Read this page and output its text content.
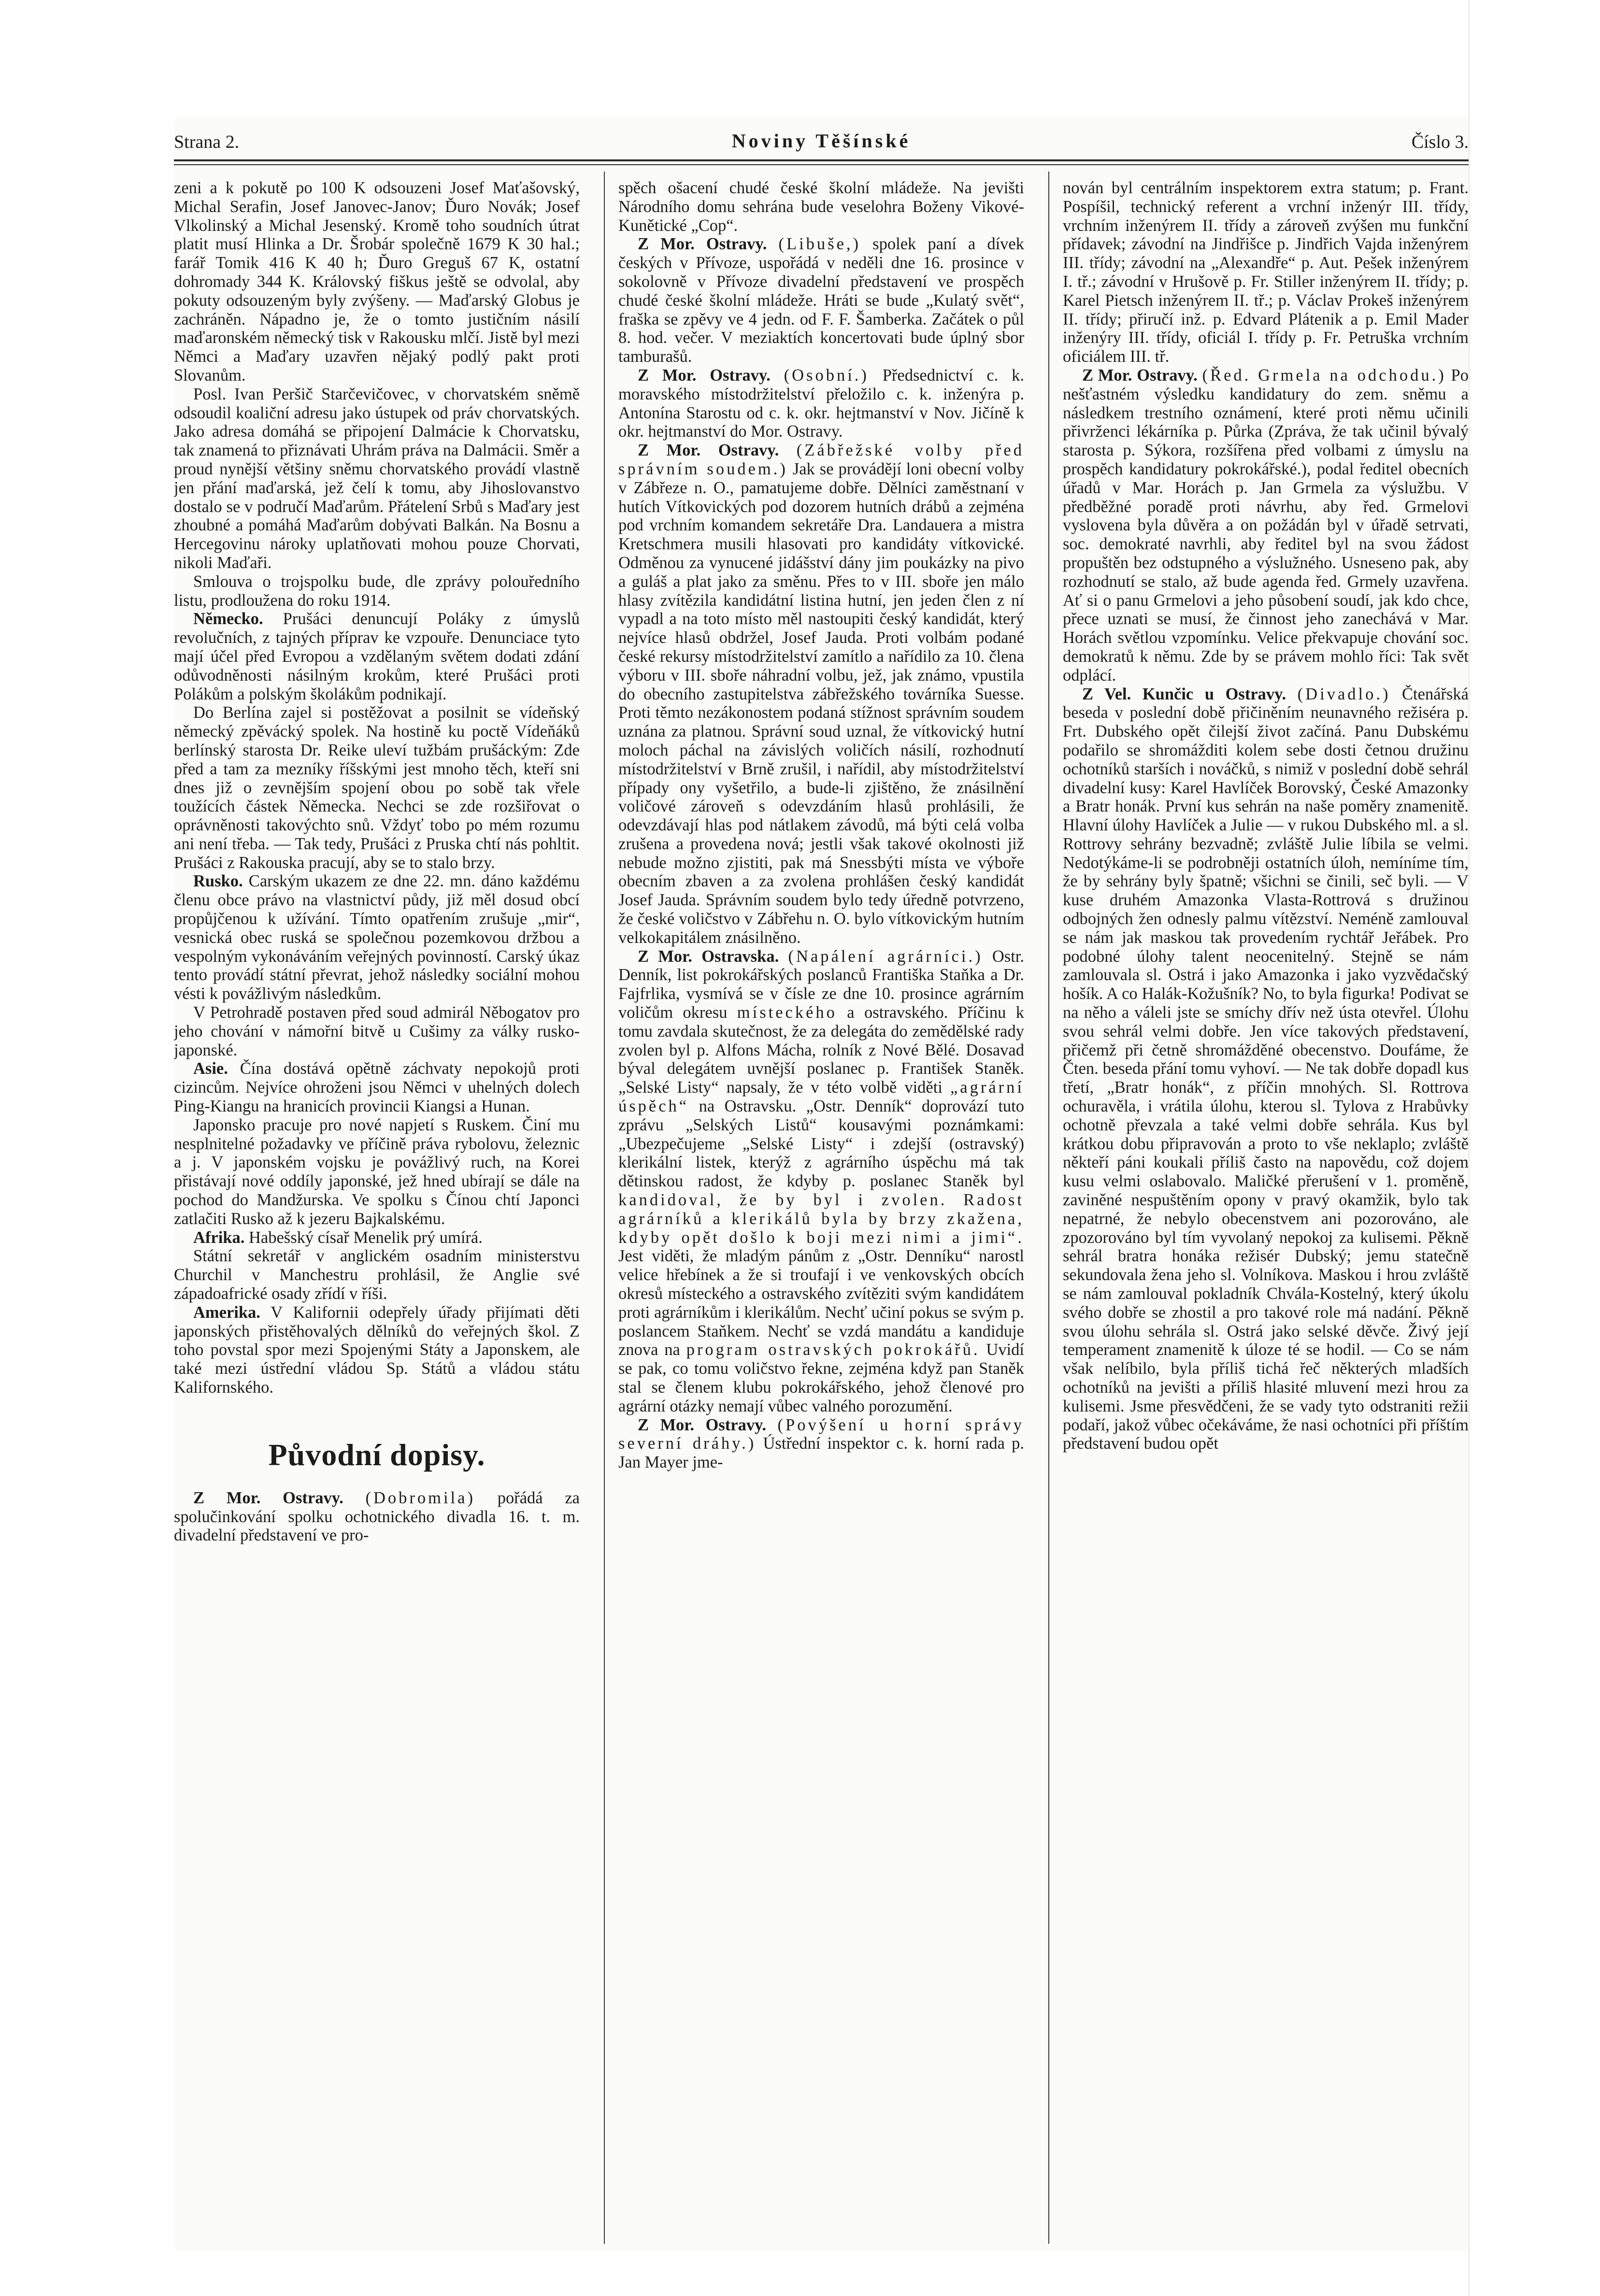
Strana 2.	Noviny Těšínské	Číslo 3.

zeni a k pokutě po 100 K odsouzeni Josef Maťašovský, Michal Serafin, Josef Janovec-Janov; Ďuro Novák; Josef Vlkolinský a Michal Jesenský. Kromě toho soudních útrat platit musí Hlinka a Dr. Šrobár společně 1679 K 30 hal.; farář Tomik 416 K 40 h; Ďuro Greguš 67 K, ostatní dohromady 344 K. Královský fiškus ještě se odvolal, aby pokuty odsouzeným byly zvýšeny. — Maďarský Globus je zachráněn. Nápadno je, že o tomto justičním násilí maďaronském německý tisk v Rakousku mlčí. Jistě byl mezi Němci a Maďary uzavřen nějaký podlý pakt proti Slovanům.

Posl. Ivan Peršič Starčevičovec, v chorvatském sněmě odsoudil koaliční adresu jako ústupek od práv chorvatských. Jako adresa domáhá se připojení Dalmácie k Chorvatsku, tak znamená to přiznávati Uhrám práva na Dalmácii. Směr a proud nynější většiny sněmu chorvatského provádí vlastně jen přání maďarská, jež čelí k tomu, aby Jihoslovanstvo dostalo se v područí Maďarům. Přátelení Srbů s Maďary jest zhoubné a pomáhá Maďarům dobývati Balkán. Na Bosnu a Hercegovinu nároky uplatňovati mohou pouze Chorvati, nikoli Maďaři.

Smlouva o trojspolku bude, dle zprávy polouředního listu, prodloužena do roku 1914.

Německo. Prušáci denuncují Poláky z úmyslů revolučních, z tajných příprav ke vzpouře. Denunciace tyto mají účel před Evropou a vzdělaným světem dodati zdání odůvodněnosti násilným krokům, které Prušáci proti Polákům a polským školákům podnikají.

Do Berlína zajel si postěžovat a posilnit se vídeňský německý zpěvácký spolek. Na hostině ku poctě Vídeňáků berlínský starosta Dr. Reike uleví tužbám prušáckým: Zde před a tam za mezníky říšskými jest mnoho těch, kteří sni dnes již o zevnějším spojení obou po sobě tak vřele toužících částek Německa. Nechci se zde rozšiřovat o oprávněnosti takovýchto snů. Vždyť tobo po mém rozumu ani není třeba. — Tak tedy, Prušáci z Pruska chtí nás pohltit. Prušáci z Rakouska pracují, aby se to stalo brzy.

Rusko. Carským ukazem ze dne 22. mn. dáno každému členu obce právo na vlastnictví půdy, již měl dosud obcí propůjčenou k užívání. Tímto opatřením zrušuje „mir“, vesnická obec ruská se společnou pozemkovou držbou a vespolným vykonáváním veřejných povinností. Carský úkaz tento provádí státní převrat, jehož následky sociální mohou vésti k povážlivým následkům.

V Petrohradě postaven před soud admirál Něbogatov pro jeho chování v námořní bitvě u Cušimy za války rusko-japonské.

Asie. Čína dostává opětně záchvaty nepokojů proti cizincům. Nejvíce ohroženi jsou Němci v uhelných dolech Ping-Kiangu na hranicích provincii Kiangsi a Hunan.

Japonsko pracuje pro nové napjetí s Ruskem. Činí mu nesplnitelné požadavky ve příčině práva rybolovu, železnic a j. V japonském vojsku je povážlivý ruch, na Korei přistávají nové oddíly japonské, jež hned ubírají se dále na pochod do Mandžurska. Ve spolku s Čínou chtí Japonci zatlačiti Rusko až k jezeru Bajkalskému.

Afrika. Habešský císař Menelik prý umírá.

Státní sekretář v anglickém osadním ministerstvu Churchil v Manchestru prohlásil, že Anglie své západoafrické osady zřídí v říši.

Amerika. V Kalifornii odepřely úřady přijímati děti japonských přistěhovalých dělníků do veřejných škol. Z toho povstal spor mezi Spojenými Státy a Japonskem, ale také mezi ústřední vládou Sp. Států a vládou státu Kalifornského.

Původní dopisy.

Z Mor. Ostravy. (Dobromila) pořádá za spolučinkování spolku ochotnického divadla 16. t. m. divadelní představení ve pro-

spěch ošacení chudé české školní mládeže. Na jevišti Národního domu sehrána bude veselohra Boženy Vikové-Kunětické „Cop“.

Z Mor. Ostravy. (Libuše,) spolek paní a dívek českých v Přívoze, uspořádá v neděli dne 16. prosince v sokolovně v Přívoze divadelní představení ve prospěch chudé české školní mládeže. Hráti se bude „Kulatý svět“, fraška se zpěvy ve 4 jedn. od F. F. Šamberka. Začátek o půl 8. hod. večer. V meziaktích koncertovati bude úplný sbor tamburašů.

Z Mor. Ostravy. (Osobní.) Předsednictví c. k. moravského místodržitelství přeložilo c. k. inženýra p. Antonína Starostu od c. k. okr. hejtmanství v Nov. Jičíně k okr. hejtmanství do Mor. Ostravy.

Z Mor. Ostravy. (Zábřežské volby před správním soudem.) Jak se provádějí loni obecní volby v Zábřeze n. O., pamatujeme dobře. Dělníci zaměstnaní v hutích Vítkovických pod dozorem hutních drábů a zejména pod vrchním komandem sekretáře Dra. Landauera a mistra Kretschmera musili hlasovati pro kandidáty vítkovické. Odměnou za vynucené jidášství dány jim poukázky na pivo a guláš a plat jako za směnu. Přes to v III. sboře jen málo hlasy zvítězila kandidátní listina hutní, jen jeden člen z ní vypadl a na toto místo měl nastoupiti český kandidát, který nejvíce hlasů obdržel, Josef Jauda. Proti volbám podané české rekursy místodržitelství zamítlo a nařídilo za 10. člena výboru v III. sboře náhradní volbu, jež, jak známo, vpustila do obecního zastupitelstva zábřežského továrníka Suesse. Proti těmto nezákonostem podaná stížnost správním soudem uznána za platnou. Správní soud uznal, že vítkovický hutní moloch páchal na závislých voličích násilí, rozhodnutí místodržitelství v Brně zrušil, i nařídil, aby místodržitelství případy ony vyšetřilo, a bude-li zjištěno, že znásilnění voličové zároveň s odevzdáním hlasů prohlásili, že odevzdávají hlas pod nátlakem závodů, má býti celá volba zrušena a provedena nová; jestli však takové okolnosti již nebude možno zjistiti, pak má Snessbýti místa ve výboře obecním zbaven a za zvolena prohlášen český kandidát Josef Jauda. Správním soudem bylo tedy úředně potvrzeno, že české voličstvo v Zábřehu n. O. bylo vítkovickým hutním velkokapitálem znásilněno.

Z Mor. Ostravska. (Napálení agrárníci.) Ostr. Denník, list pokrokářských poslanců Františka Staňka a Dr. Fajfrlika, vysmívá se v čísle ze dne 10. prosince agrárním voličům okresu místeckého a ostravského. Příčinu k tomu zavdala skutečnost, že za delegáta do zemědělské rady zvolen byl p. Alfons Mácha, rolník z Nové Bělé. Dosavad býval delegátem uvnější poslanec p. František Staněk. „Selské Listy“ napsaly, že v této volbě viděti „agrární úspěch“ na Ostravsku. „Ostr. Denník“ doprovází tuto zprávu „Selských Listů“ kousavými poznámkami: „Ubezpečujeme „Selské Listy“ i zdejší (ostravský) klerikální listek, kterýž z agrárního úspěchu má tak dětinskou radost, že kdyby p. poslanec Staněk byl kandidoval, že by byl i zvolen. Radost agrárníků a klerikálů byla by brzy zkažena, kdyby opět došlo k boji mezi nimi a jimi“. Jest viděti, že mladým pánům z „Ostr. Denníku“ narostl velice hřebínek a že si troufají i ve venkovských obcích okresů místeckého a ostravského zvítěziti svým kandidátem proti agrárníkům i klerikálům. Nechť učiní pokus se svým p. poslancem Staňkem. Nechť se vzdá mandátu a kandiduje znova na program ostravských pokrokářů. Uvidí se pak, co tomu voličstvo řekne, zejména když pan Staněk stal se členem klubu pokrokářského, jehož členové pro agrární otázky nemají vůbec valného porozumění.

Z Mor. Ostravy. (Povýšení u horní správy severní dráhy.) Ústřední inspektor c. k. horní rada p. Jan Mayer jme-

nován byl centrálním inspektorem extra statum; p. Frant. Pospíšil, technický referent a vrchní inženýr III. třídy, vrchním inženýrem II. třídy a zároveň zvýšen mu funkční přídavek; závodní na Jindřišce p. Jindřich Vajda inženýrem III. třídy; závodní na „Alexandře“ p. Aut. Pešek inženýrem I. tř.; závodní v Hrušově p. Fr. Stiller inženýrem II. třídy; p. Karel Pietsch inženýrem II. tř.; p. Václav Prokeš inženýrem II. třídy; přiručí inž. p. Edvard Plátenik a p. Emil Mader inženýry III. třídy, oficiál I. třídy p. Fr. Petruška vrchním oficiálem III. tř.

Z Mor. Ostravy. (Řed. Grmela na odchodu.) Po nešťastném výsledku kandidatury do zem. sněmu a následkem trestního oznámení, které proti němu učinili přivrženci lékárníka p. Půrka (Zpráva, že tak učinil bývalý starosta p. Sýkora, rozšířena před volbami z úmyslu na prospěch kandidatury pokrokářské.), podal ředitel obecních úřadů v Mar. Horách p. Jan Grmela za výslužbu. V předběžné poradě proti návrhu, aby řed. Grmelovi vyslovena byla důvěra a on požádán byl v úřadě setrvati, soc. demokraté navrhli, aby ředitel byl na svou žádost propuštěn bez odstupného a výslužného. Usneseno pak, aby rozhodnutí se stalo, až bude agenda řed. Grmely uzavřena. Ať si o panu Grmelovi a jeho působení soudí, jak kdo chce, přece uznati se musí, že činnost jeho zanechává v Mar. Horách světlou vzpomínku. Velice překvapuje chování soc. demokratů k němu. Zde by se právem mohlo říci: Tak svět odplácí.

Z Vel. Kunčic u Ostravy. (Divadlo.) Čtenářská beseda v poslední době přičiněním neunavného režiséra p. Frt. Dubského opět čilejší život začíná. Panu Dubskému podařilo se shromážditi kolem sebe dosti četnou družinu ochotníků starších i nováčků, s nimiž v poslední době sehrál divadelní kusy: Karel Havlíček Borovský, České Amazonky a Bratr honák. První kus sehrán na naše poměry znamenitě. Hlavní úlohy Havlíček a Julie — v rukou Dubského ml. a sl. Rottrovy sehrány bezvadně; zvláště Julie líbila se velmi. Nedotýkáme-li se podrobněji ostatních úloh, nemíníme tím, že by sehrány byly špatně; všichni se činili, seč byli. — V kuse druhém Amazonka Vlasta-Rottrová s družinou odbojných žen odnesly palmu vítězství. Neméně zamlouval se nám jak maskou tak provedením rychtář Jeřábek. Pro podobné úlohy talent neocenitelný. Stejně se nám zamlouvala sl. Ostrá i jako Amazonka i jako vyzvědačský hošík. A co Halák-Kožušník? No, to byla figurka! Podivat se na něho a váleli jste se smíchy dřív než ústa otevřel. Úlohu svou sehrál velmi dobře. Jen více takových představení, přičemž při četně shromážděné obecenstvo. Doufáme, že Čten. beseda přání tomu vyhoví. — Ne tak dobře dopadl kus třetí, „Bratr honák“, z příčin mnohých. Sl. Rottrova ochuravěla, i vrátila úlohu, kterou sl. Tylova z Hrabůvky ochotně převzala a také velmi dobře sehrála. Kus byl krátkou dobu připravován a proto to vše neklaplo; zvláště někteří páni koukali příliš často na napovědu, což dojem kusu velmi oslabovalo. Maličké přerušení v 1. proměně, zaviněné nespuštěním opony v pravý okamžik, bylo tak nepatrné, že nebylo obecenstvem ani pozorováno, ale zpozorováno byl tím vyvolaný nepokoj za kulisemi. Pěkně sehrál bratra honáka režisér Dubský; jemu statečně sekundovala žena jeho sl. Volníkova. Maskou i hrou zvláště se nám zamlouval pokladník Chvála-Kostelný, který úkolu svého dobře se zhostil a pro takové role má nadání. Pěkně svou úlohu sehrála sl. Ostrá jako selské děvče. Živý její temperament znamenitě k úloze té se hodil. — Co se nám však nelíbilo, byla příliš tichá řeč některých mladších ochotníků na jevišti a příliš hlasité mluvení mezi hrou za kulisemi. Jsme přesvědčeni, že se vady tyto odstraniti režii podaří, jakož vůbec očekáváme, že nasi ochotníci při příštím představení budou opět
